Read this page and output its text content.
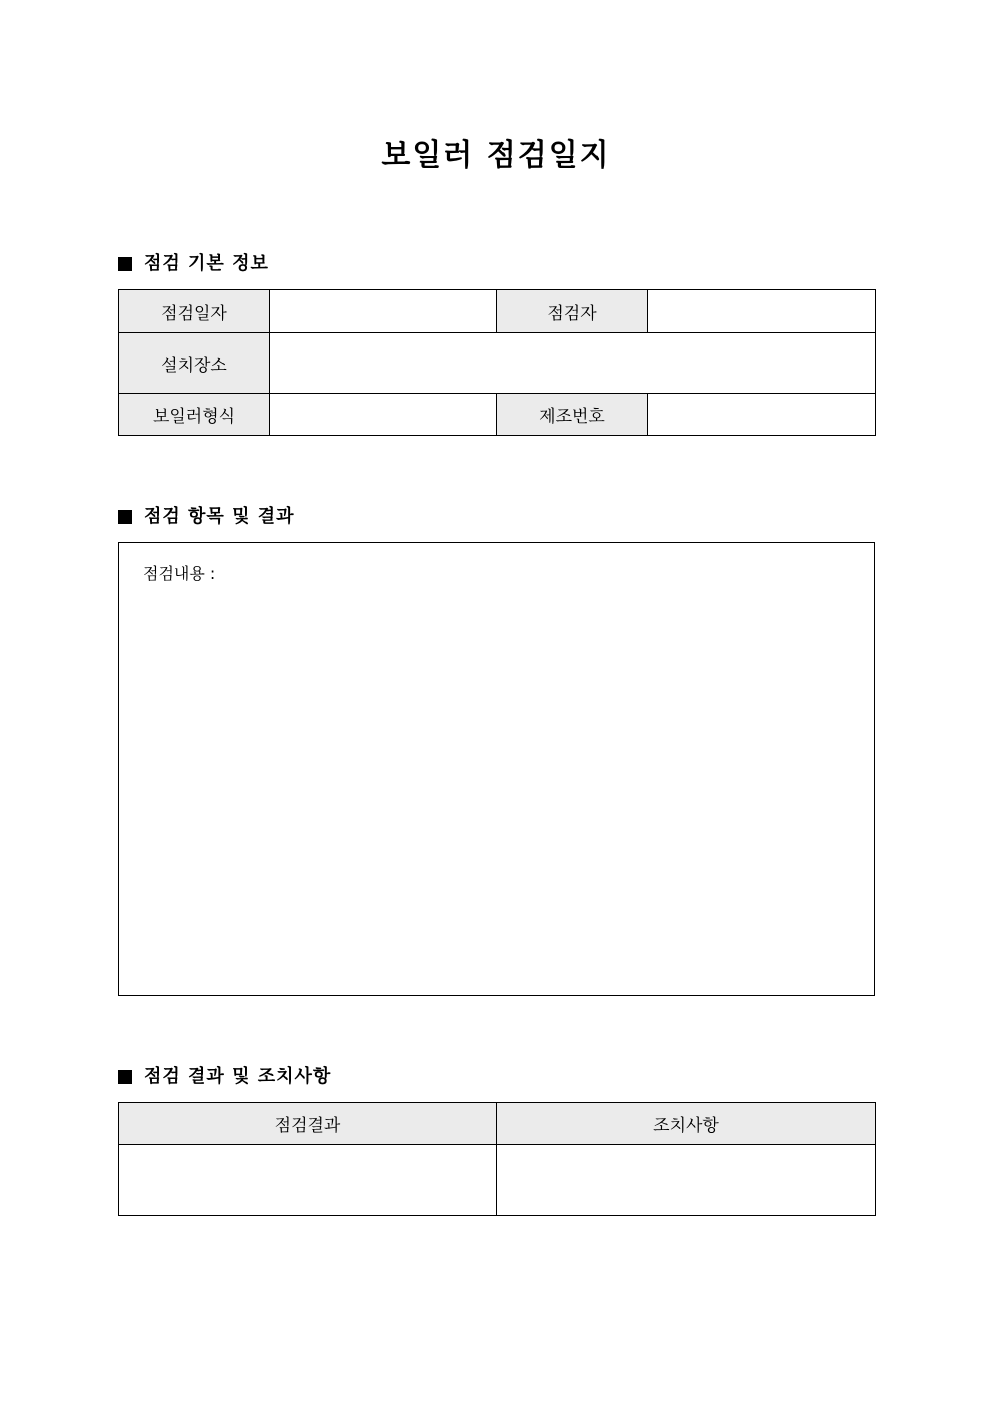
보일러 점검일지
점검 기본 정보
점검일자		점검자	
설치장소			
보일러형식		제조번호	
점검 항목 및 결과
점검내용 :
점검 결과 및 조치사항
점검결과	조치사항
